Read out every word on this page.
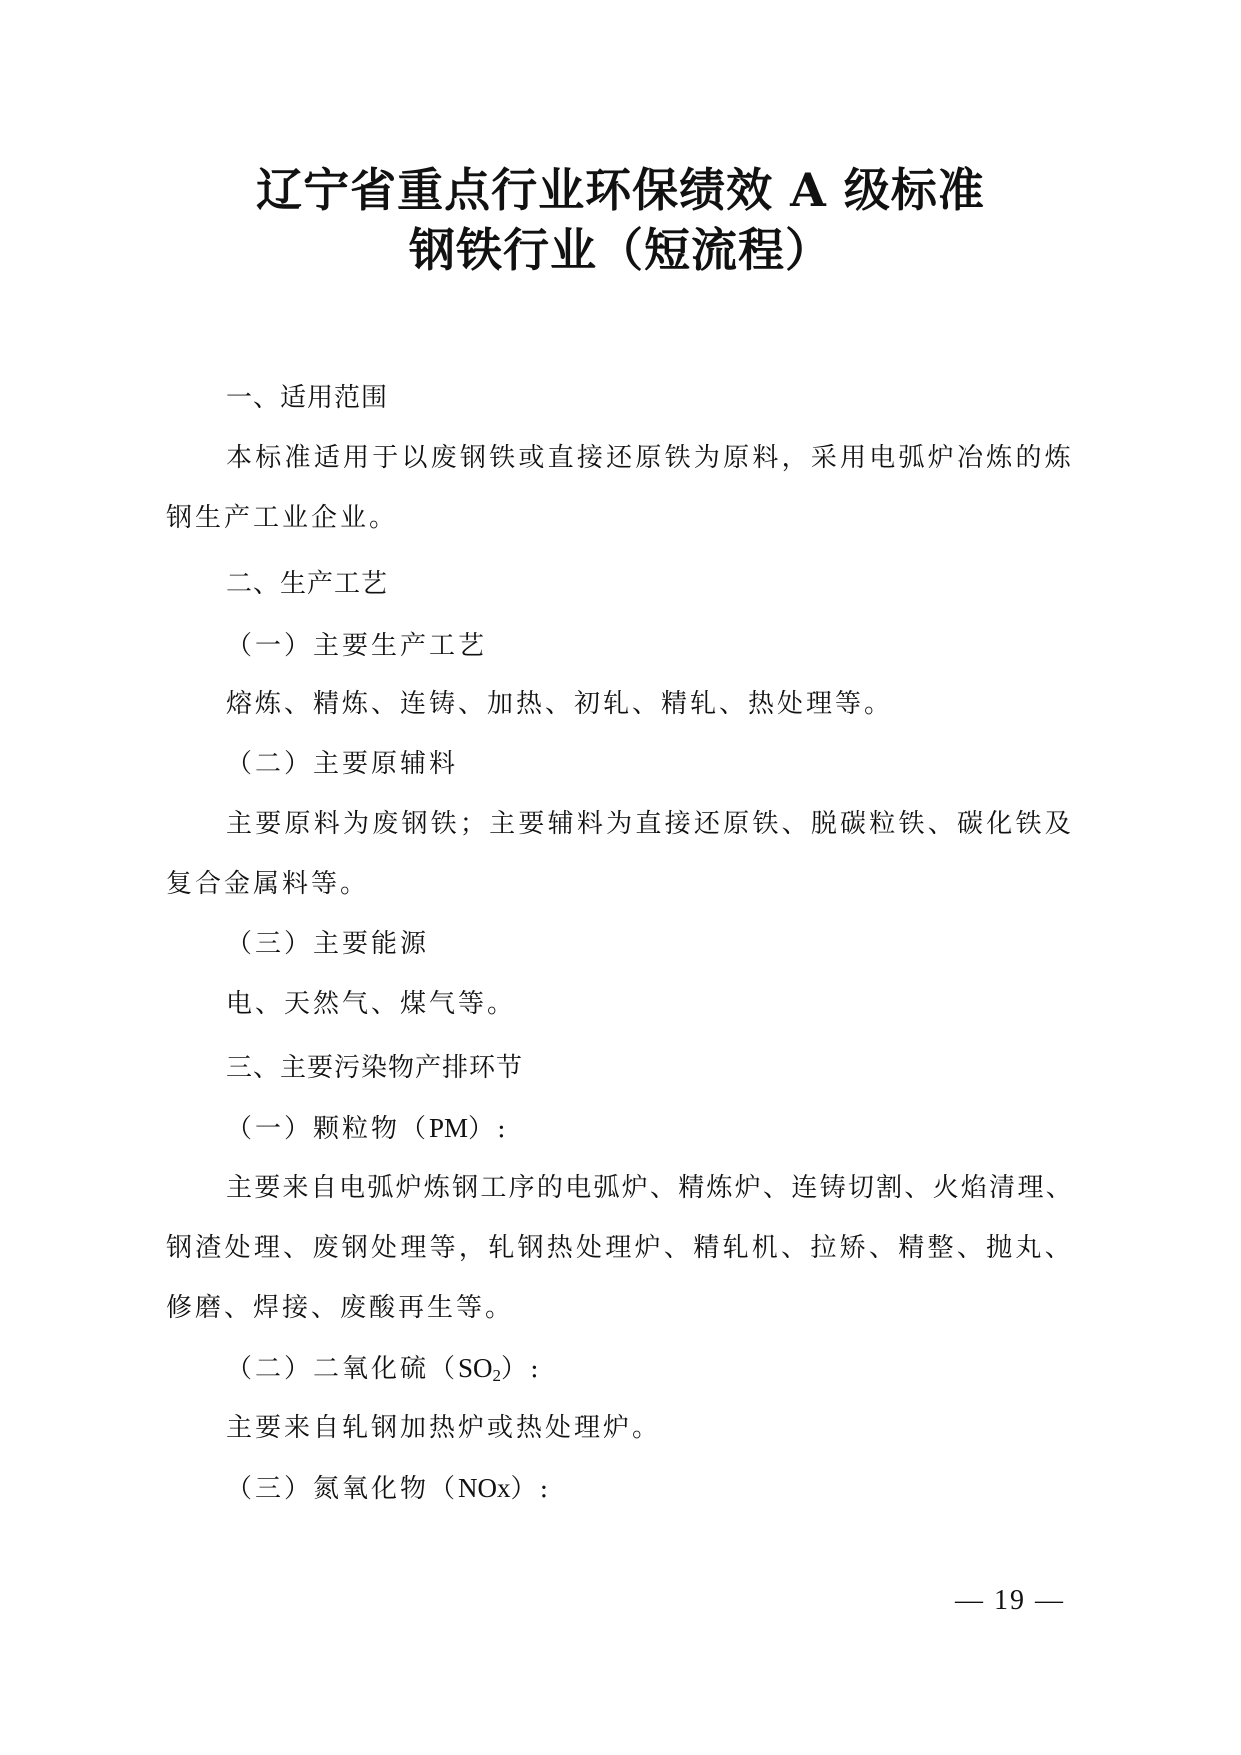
辽宁省重点行业环保绩效 A 级标准
钢铁行业（短流程）
一、适用范围
本标准适用于以废钢铁或直接还原铁为原料，采用电弧炉冶炼的炼
钢生产工业企业。
二、生产工艺
（一）主要生产工艺
熔炼、精炼、连铸、加热、初轧、精轧、热处理等。
（二）主要原辅料
主要原料为废钢铁；主要辅料为直接还原铁、脱碳粒铁、碳化铁及
复合金属料等。
（三）主要能源
电、天然气、煤气等。
三、主要污染物产排环节
（一）颗粒物（PM）:
主要来自电弧炉炼钢工序的电弧炉、精炼炉、连铸切割、火焰清理、
钢渣处理、废钢处理等，轧钢热处理炉、精轧机、拉矫、精整、抛丸、
修磨、焊接、废酸再生等。
（二）二氧化硫$(SO_2)$:
主要来自轧钢加热炉或热处理炉。
（三）氮氧化物（NOx）:
— 19 —
